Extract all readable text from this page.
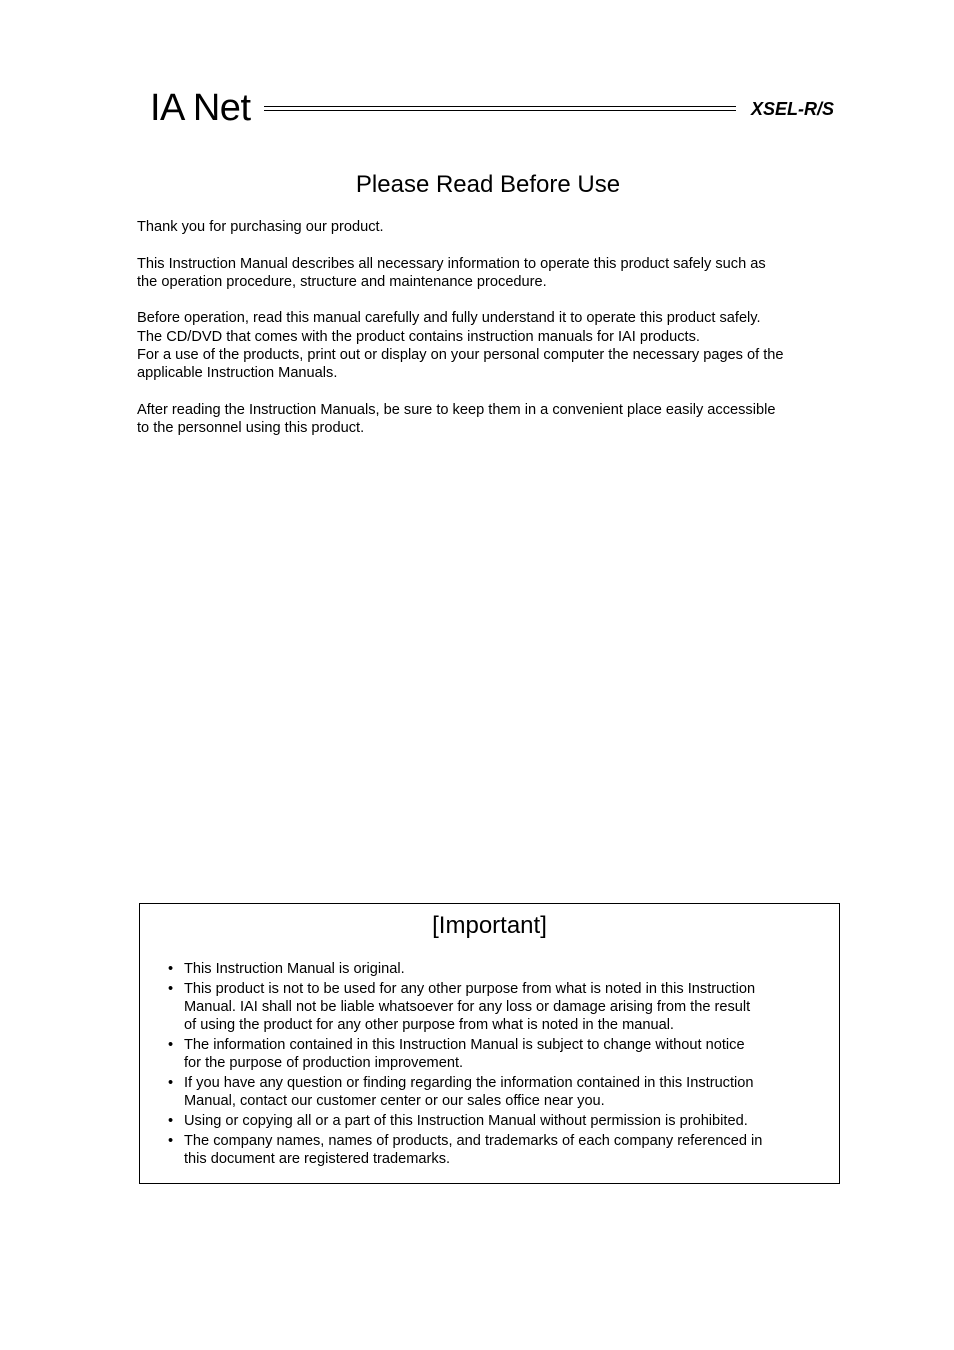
IA Net	XSEL-R/S
Please Read Before Use

Thank you for purchasing our product.

This Instruction Manual describes all necessary information to operate this product safely such as
the operation procedure, structure and maintenance procedure.

Before operation, read this manual carefully and fully understand it to operate this product safely.
The CD/DVD that comes with the product contains instruction manuals for IAI products.
For a use of the products, print out or display on your personal computer the necessary pages of the
applicable Instruction Manuals.

After reading the Instruction Manuals, be sure to keep them in a convenient place easily accessible
to the personnel using this product.

[Important]
• This Instruction Manual is original.
• This product is not to be used for any other purpose from what is noted in this Instruction
Manual. IAI shall not be liable whatsoever for any loss or damage arising from the result
of using the product for any other purpose from what is noted in the manual.
• The information contained in this Instruction Manual is subject to change without notice
for the purpose of production improvement.
• If you have any question or finding regarding the information contained in this Instruction
Manual, contact our customer center or our sales office near you.
• Using or copying all or a part of this Instruction Manual without permission is prohibited.
• The company names, names of products, and trademarks of each company referenced in
this document are registered trademarks.
